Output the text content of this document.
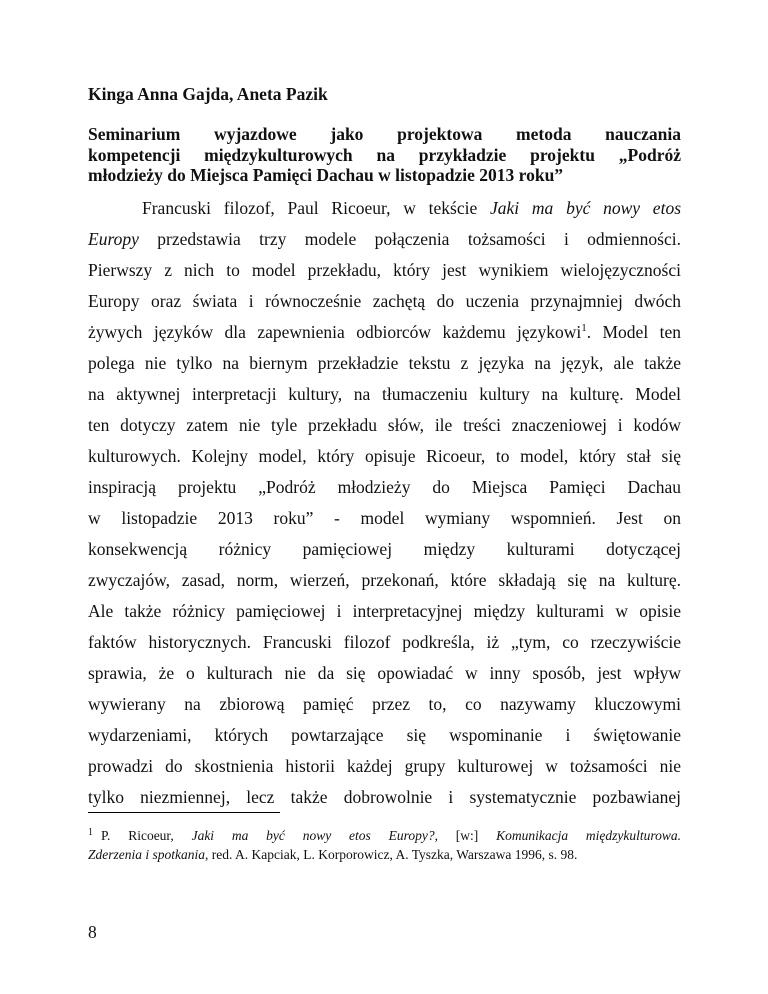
Kinga Anna Gajda, Aneta Pazik

Seminarium wyjazdowe jako projektowa metoda nauczania
kompetencji międzykulturowych na przykładzie projektu „Podróż
młodzieży do Miejsca Pamięci Dachau w listopadzie 2013 roku”

Francuski filozof, Paul Ricoeur, w tekście Jaki ma być nowy etos
Europy przedstawia trzy modele połączenia tożsamości i odmienności.
Pierwszy z nich to model przekładu, który jest wynikiem wielojęzyczności
Europy oraz świata i równocześnie zachętą do uczenia przynajmniej dwóch
żywych języków dla zapewnienia odbiorców każdemu językowi$^1$. Model ten
polega nie tylko na biernym przekładzie tekstu z języka na język, ale także
na aktywnej interpretacji kultury, na tłumaczeniu kultury na kulturę. Model
ten dotyczy zatem nie tyle przekładu słów, ile treści znaczeniowej i kodów
kulturowych. Kolejny model, który opisuje Ricoeur, to model, który stał się
inspiracją projektu „Podróż młodzieży do Miejsca Pamięci Dachau
w listopadzie 2013 roku” - model wymiany wspomnień. Jest on
konsekwencją różnicy pamięciowej między kulturami dotyczącej
zwyczajów, zasad, norm, wierzeń, przekonań, które składają się na kulturę.
Ale także różnicy pamięciowej i interpretacyjnej między kulturami w opisie
faktów historycznych. Francuski filozof podkreśla, iż „tym, co rzeczywiście
sprawia, że o kulturach nie da się opowiadać w inny sposób, jest wpływ
wywierany na zbiorową pamięć przez to, co nazywamy kluczowymi
wydarzeniami, których powtarzające się wspominanie i świętowanie
prowadzi do skostnienia historii każdej grupy kulturowej w tożsamości nie
tylko niezmiennej, lecz także dobrowolnie i systematycznie pozbawianej
$^1$ P. Ricoeur, Jaki ma być nowy etos Europy?, [w:] Komunikacja międzykulturowa.
Zderzenia i spotkania, red. A. Kapciak, L. Korporowicz, A. Tyszka, Warszawa 1996, s. 98.
8
